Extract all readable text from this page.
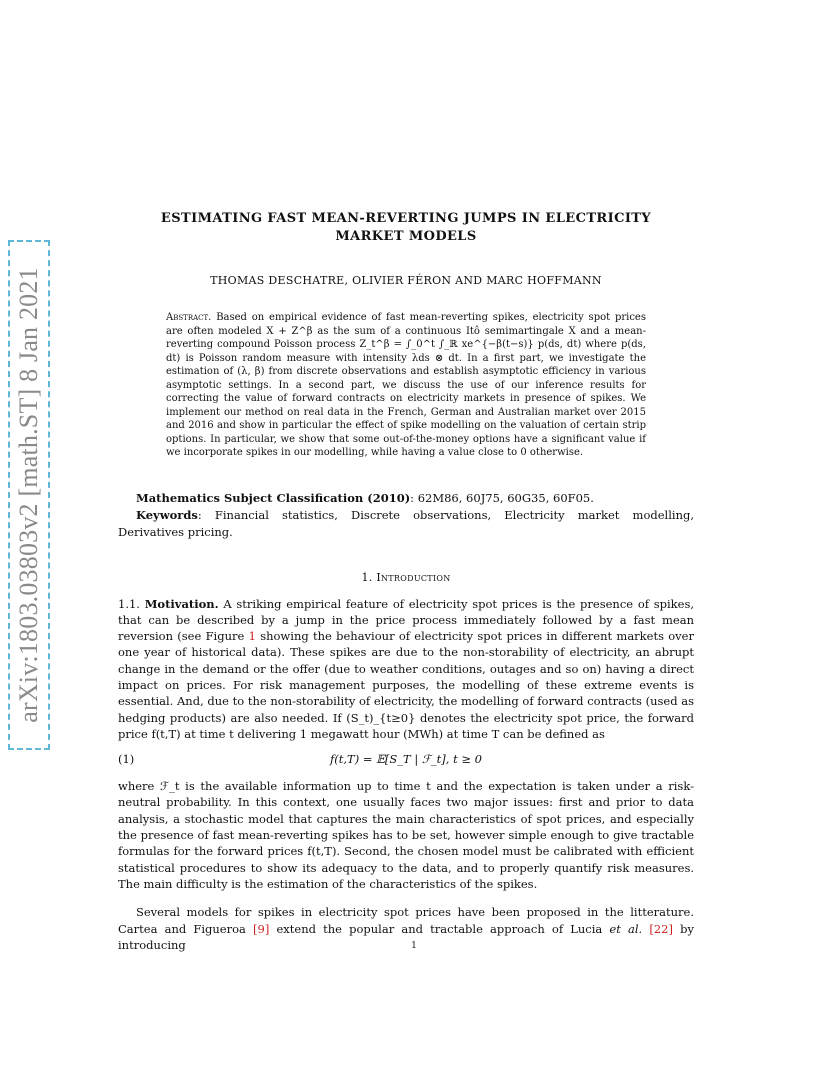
arXiv:1803.03803v2 [math.ST] 8 Jan 2021
ESTIMATING FAST MEAN-REVERTING JUMPS IN ELECTRICITY
MARKET MODELS

THOMAS DESCHATRE, OLIVIER FÉRON AND MARC HOFFMANN

Abstract. Based on empirical evidence of fast mean-reverting spikes, electricity spot prices are often modeled X + Z^β as the sum of a continuous Itô semimartingale X and a mean-reverting compound Poisson process Z_t^β = ∫_0^t ∫_ℝ xe^{−β(t−s)} p(ds, dt) where p(ds, dt) is Poisson random measure with intensity λds ⊗ dt. In a first part, we investigate the estimation of (λ, β) from discrete observations and establish asymptotic efficiency in various asymptotic settings. In a second part, we discuss the use of our inference results for correcting the value of forward contracts on electricity markets in presence of spikes. We implement our method on real data in the French, German and Australian market over 2015 and 2016 and show in particular the effect of spike modelling on the valuation of certain strip options. In particular, we show that some out-of-the-money options have a significant value if we incorporate spikes in our modelling, while having a value close to 0 otherwise.

Mathematics Subject Classification (2010): 62M86, 60J75, 60G35, 60F05.

Keywords: Financial statistics, Discrete observations, Electricity market modelling, Derivatives pricing.

1. Introduction

1.1. Motivation. A striking empirical feature of electricity spot prices is the presence of spikes, that can be described by a jump in the price process immediately followed by a fast mean reversion (see Figure 1 showing the behaviour of electricity spot prices in different markets over one year of historical data). These spikes are due to the non-storability of electricity, an abrupt change in the demand or the offer (due to weather conditions, outages and so on) having a direct impact on prices. For risk management purposes, the modelling of these extreme events is essential. And, due to the non-storability of electricity, the modelling of forward contracts (used as hedging products) are also needed. If (S_t)_{t≥0} denotes the electricity spot price, the forward price f(t,T) at time t delivering 1 megawatt hour (MWh) at time T can be defined as

(1)	f(t,T) = 𝔼[S_T | ℱ_t], t ≥ 0

where ℱ_t is the available information up to time t and the expectation is taken under a risk-neutral probability. In this context, one usually faces two major issues: first and prior to data analysis, a stochastic model that captures the main characteristics of spot prices, and especially the presence of fast mean-reverting spikes has to be set, however simple enough to give tractable formulas for the forward prices f(t,T). Second, the chosen model must be calibrated with efficient statistical procedures to show its adequacy to the data, and to properly quantify risk measures. The main difficulty is the estimation of the characteristics of the spikes.

Several models for spikes in electricity spot prices have been proposed in the litterature. Cartea and Figueroa [9] extend the popular and tractable approach of Lucia et al. [22] by introducing	1
